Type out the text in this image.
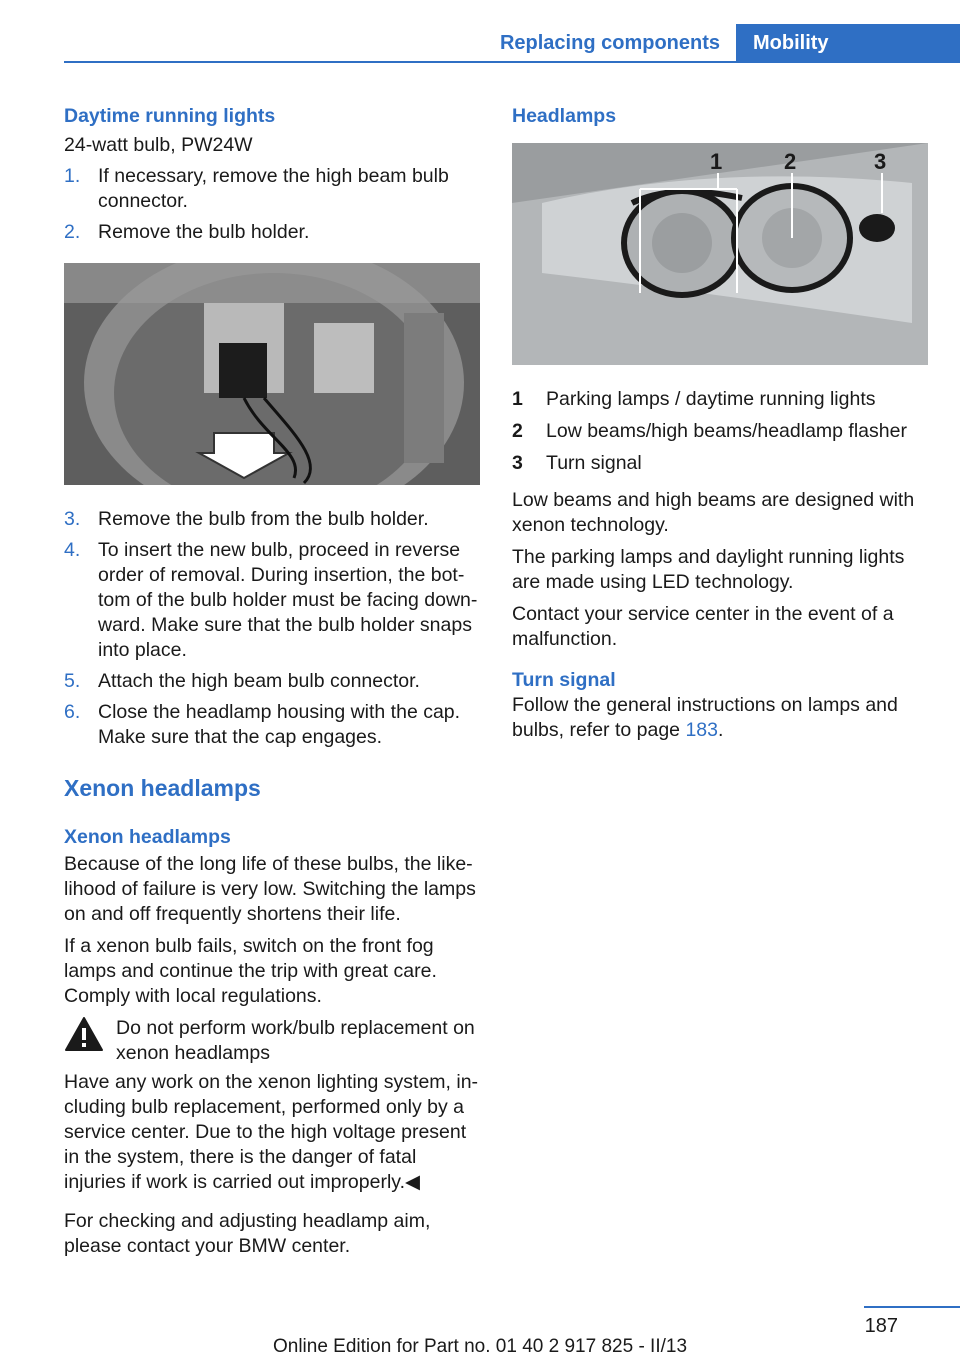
Replacing components	Mobility
Daytime running lights
24-watt bulb, PW24W
1. If necessary, remove the high beam bulb connector.
2. Remove the bulb holder.
3. Remove the bulb from the bulb holder.
4. To insert the new bulb, proceed in reverse order of removal. During insertion, the bot‐tom of the bulb holder must be facing down‐ward. Make sure that the bulb holder snaps into place.
5. Attach the high beam bulb connector.
6. Close the headlamp housing with the cap. Make sure that the cap engages.
Xenon headlamps
Xenon headlamps

Because of the long life of these bulbs, the like‐lihood of failure is very low. Switching the lamps on and off frequently shortens their life.

If a xenon bulb fails, switch on the front fog lamps and continue the trip with great care. Comply with local regulations.

Do not perform work/bulb replacement on xenon headlamps

Have any work on the xenon lighting system, in‐cluding bulb replacement, performed only by a service center. Due to the high voltage present in the system, there is the danger of fatal injuries if work is carried out improperly.◀

For checking and adjusting headlamp aim, please contact your BMW center.

Headlamps
1	2	3
1	Parking lamps / daytime running lights
2	Low beams/high beams/headlamp flasher
3	Turn signal

Low beams and high beams are designed with xenon technology.

The parking lamps and daylight running lights are made using LED technology.

Contact your service center in the event of a malfunction.

Turn signal

Follow the general instructions on lamps and bulbs, refer to page 183.

187
Online Edition for Part no. 01 40 2 917 825 - II/13
